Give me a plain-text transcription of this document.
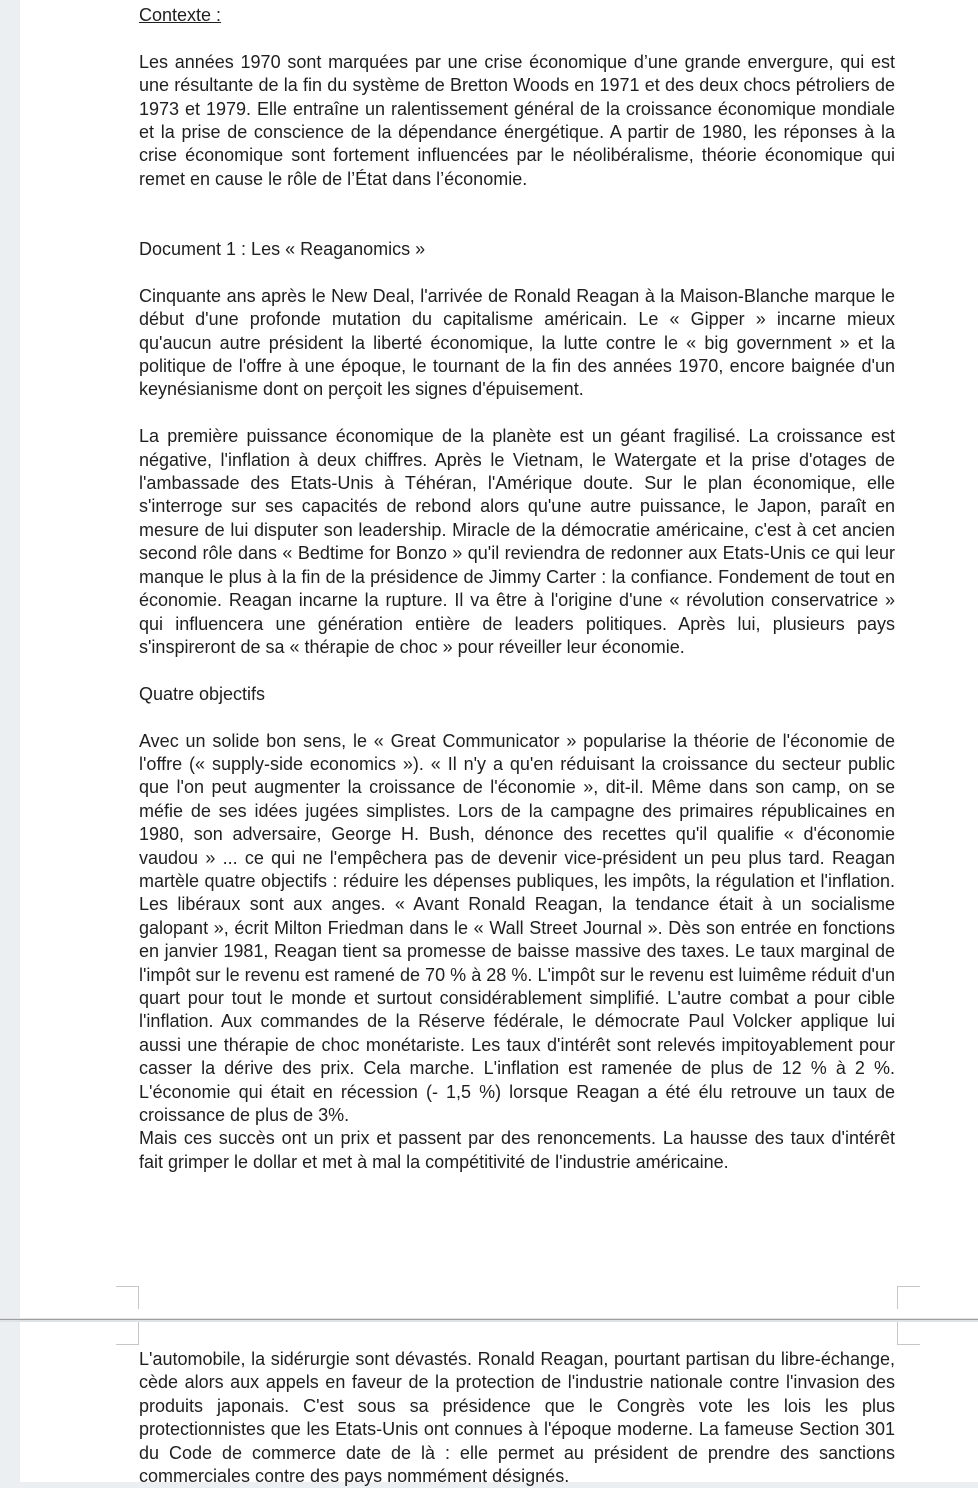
Contexte :

Les années 1970 sont marquées par une crise économique d’une grande envergure, qui est une résultante de la fin du système de Bretton Woods en 1971 et des deux chocs pétroliers de 1973 et 1979. Elle entraîne un ralentissement général de la croissance économique mondiale et la prise de conscience de la dépendance énergétique. A partir de 1980, les réponses à la crise économique sont fortement influencées par le néolibéralisme, théorie économique qui remet en cause le rôle de l’État dans l’économie.

Document 1 : Les « Reaganomics »

Cinquante ans après le New Deal, l'arrivée de Ronald Reagan à la Maison-Blanche marque le début d'une profonde mutation du capitalisme américain. Le « Gipper » incarne mieux qu'aucun autre président la liberté économique, la lutte contre le « big government » et la politique de l'offre à une époque, le tournant de la fin des années 1970, encore baignée d'un keynésianisme dont on perçoit les signes d'épuisement.

La première puissance économique de la planète est un géant fragilisé. La croissance est négative, l'inflation à deux chiffres. Après le Vietnam, le Watergate et la prise d'otages de l'ambassade des Etats-Unis à Téhéran, l'Amérique doute. Sur le plan économique, elle s'interroge sur ses capacités de rebond alors qu'une autre puissance, le Japon, paraît en mesure de lui disputer son leadership. Miracle de la démocratie américaine, c'est à cet ancien second rôle dans « Bedtime for Bonzo » qu'il reviendra de redonner aux Etats-Unis ce qui leur manque le plus à la fin de la présidence de Jimmy Carter : la confiance. Fondement de tout en économie. Reagan incarne la rupture. Il va être à l'origine d'une « révolution conservatrice » qui influencera une génération entière de leaders politiques. Après lui, plusieurs pays s'inspireront de sa « thérapie de choc » pour réveiller leur économie.

Quatre objectifs

Avec un solide bon sens, le « Great Communicator » popularise la théorie de l'économie de l'offre (« supply-side economics »). « Il n'y a qu'en réduisant la croissance du secteur public que l'on peut augmenter la croissance de l'économie », dit-il. Même dans son camp, on se méfie de ses idées jugées simplistes. Lors de la campagne des primaires républicaines en 1980, son adversaire, George H. Bush, dénonce des recettes qu'il qualifie « d'économie vaudou » ... ce qui ne l'empêchera pas de devenir vice-président un peu plus tard. Reagan martèle quatre objectifs : réduire les dépenses publiques, les impôts, la régulation et l'inflation. Les libéraux sont aux anges. « Avant Ronald Reagan, la tendance était à un socialisme galopant », écrit Milton Friedman dans le « Wall Street Journal ». Dès son entrée en fonctions en janvier 1981, Reagan tient sa promesse de baisse massive des taxes. Le taux marginal de l'impôt sur le revenu est ramené de 70 % à 28 %. L'impôt sur le revenu est luimême réduit d'un quart pour tout le monde et surtout considérablement simplifié. L'autre combat a pour cible l'inflation. Aux commandes de la Réserve fédérale, le démocrate Paul Volcker applique lui aussi une thérapie de choc monétariste. Les taux d'intérêt sont relevés impitoyablement pour casser la dérive des prix. Cela marche. L'inflation est ramenée de plus de 12 % à 2 %. L'économie qui était en récession (- 1,5 %) lorsque Reagan a été élu retrouve un taux de croissance de plus de 3%.

Mais ces succès ont un prix et passent par des renoncements. La hausse des taux d'intérêt fait grimper le dollar et met à mal la compétitivité de l'industrie américaine.

L'automobile, la sidérurgie sont dévastés. Ronald Reagan, pourtant partisan du libre-échange, cède alors aux appels en faveur de la protection de l'industrie nationale contre l'invasion des produits japonais. C'est sous sa présidence que le Congrès vote les lois les plus protectionnistes que les Etats-Unis ont connues à l'époque moderne. La fameuse Section 301 du Code de commerce date de là : elle permet au président de prendre des sanctions commerciales contre des pays nommément désignés.
